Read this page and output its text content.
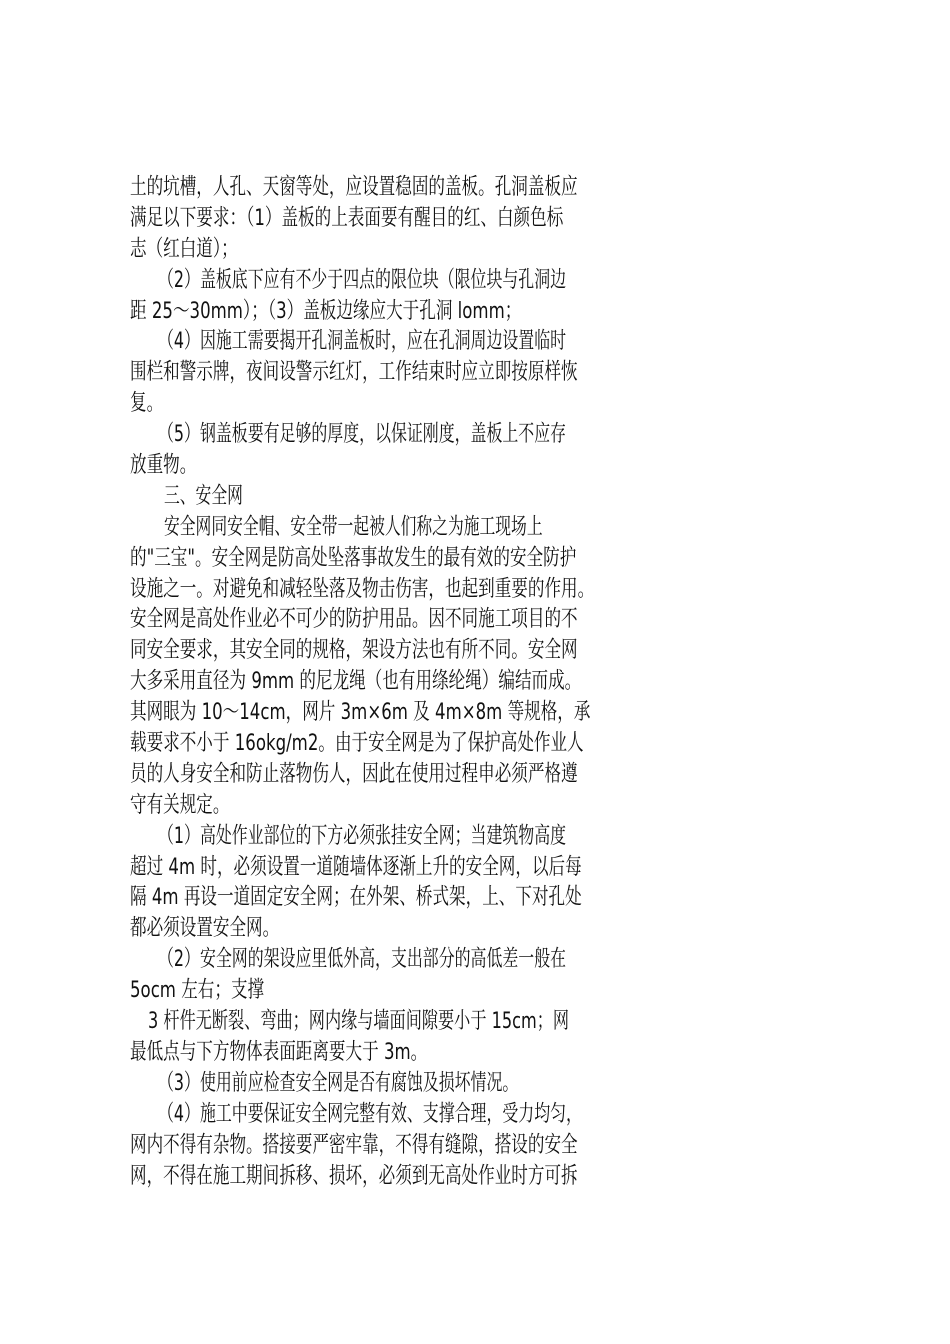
土的坑槽，人孔、天窗等处，应设置稳固的盖板。孔洞盖板应
满足以下要求：（1）盖板的上表面要有醒目的红、白颜色标
志（红白道）；
（2）盖板底下应有不少于四点的限位块（限位块与孔洞边
距 25～30mm）；（3）盖板边缘应大于孔洞 lomm；
（4）因施工需要揭开孔洞盖板时，应在孔洞周边设置临时
围栏和警示牌，夜间设警示红灯，工作结束时应立即按原样恢
复。
（5）钢盖板要有足够的厚度，以保证刚度，盖板上不应存
放重物。
三、安全网
安全网同安全帽、安全带一起被人们称之为施工现场上
的"三宝"。安全网是防高处坠落事故发生的最有效的安全防护
设施之一。对避免和减轻坠落及物击伤害，也起到重要的作用。
安全网是高处作业必不可少的防护用品。因不同施工项目的不
同安全要求，其安全同的规格，架设方法也有所不同。安全网
大多采用直径为 9mm 的尼龙绳（也有用绦纶绳）编结而成。
其网眼为 10～14cm，网片 3m×6m 及 4m×8m 等规格，承
载要求不小于 16okg/m2。由于安全网是为了保护高处作业人
员的人身安全和防止落物伤人，因此在使用过程申必须严格遵
守有关规定。
（1）高处作业部位的下方必须张挂安全网；当建筑物高度
超过 4m 时，必须设置一道随墙体逐渐上升的安全网，以后每
隔 4m 再设一道固定安全网；在外架、桥式架，上、下对孔处
都必须设置安全网。
（2）安全网的架设应里低外高，支出部分的高低差一般在
5ocm 左右；支撑
3 杆件无断裂、弯曲；网内缘与墙面间隙要小于 15cm；网
最低点与下方物体表面距离要大于 3m。
（3）使用前应检查安全网是否有腐蚀及损坏情况。
（4）施工中要保证安全网完整有效、支撑合理，受力均匀，
网内不得有杂物。搭接要严密牢靠，不得有缝隙，搭设的安全
网，不得在施工期间拆移、损坏，必须到无高处作业时方可拆
